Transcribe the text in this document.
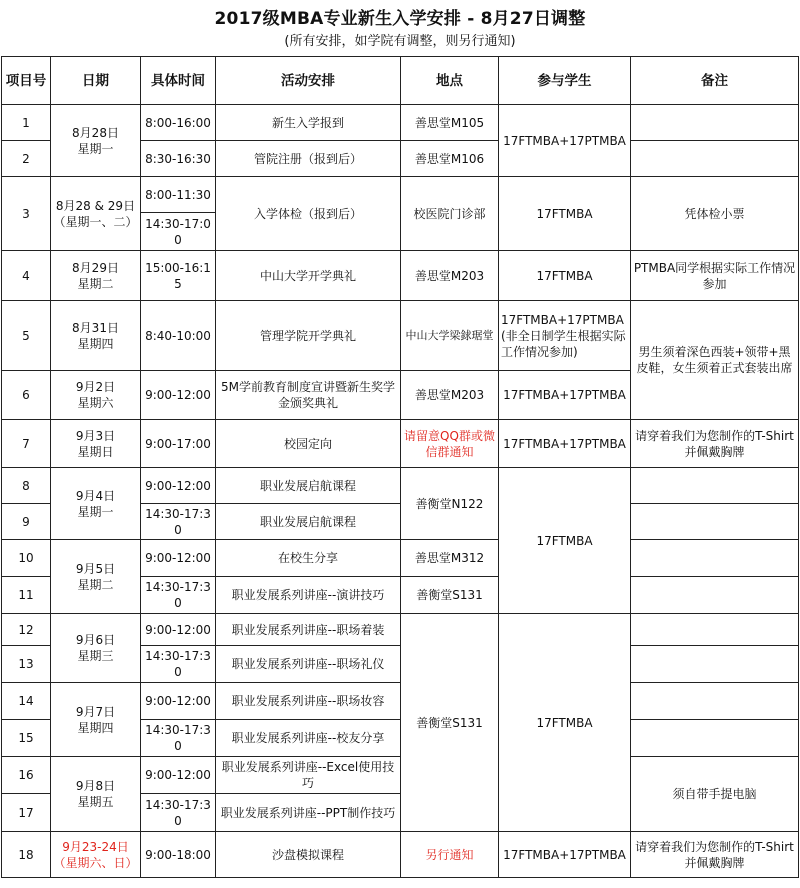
2017级MBA专业新生入学安排 - 8月27日调整
(所有安排，如学院有调整，则另行通知)
项目号	日期	具体时间	活动安排	地点	参与学生	备注
1	8月28日
星期一	8:00-16:00	新生入学报到	善思堂M105	17FTMBA+17PTMBA	
2		8:30-16:30	管院注册（报到后）	善思堂M106		
3	8月28 & 29日
（星期一、二）	8:00-11:30	入学体检（报到后）	校医院门诊部	17FTMBA	凭体检小票
		14:30-17:00				
4	8月29日
星期二	15:00-16:15	中山大学开学典礼	善思堂M203	17FTMBA	PTMBA同学根据实际工作情况参加
5	8月31日
星期四	8:40-10:00	管理学院开学典礼	中山大学梁銶琚堂	17FTMBA+17PTMBA(非全日制学生根据实际工作情况参加)	男生须着深色西装+领带+黑皮鞋，女生须着正式套装出席
6	9月2日
星期六	9:00-12:00	5M学前教育制度宣讲暨新生奖学金颁奖典礼	善思堂M203	17FTMBA+17PTMBA	
7	9月3日
星期日	9:00-17:00	校园定向	请留意QQ群或微信群通知	17FTMBA+17PTMBA	请穿着我们为您制作的T-Shirt并佩戴胸牌
8	9月4日
星期一	9:00-12:00	职业发展启航课程	善衡堂N122	17FTMBA	
9		14:30-17:30	职业发展启航课程			
10	9月5日
星期二	9:00-12:00	在校生分享	善思堂M312		
11		14:30-17:30	职业发展系列讲座--演讲技巧	善衡堂S131		
12	9月6日
星期三	9:00-12:00	职业发展系列讲座--职场着装	善衡堂S131	17FTMBA	
13		14:30-17:30	职业发展系列讲座--职场礼仪			
14	9月7日
星期四	9:00-12:00	职业发展系列讲座--职场妆容			
15		14:30-17:30	职业发展系列讲座--校友分享			
16	9月8日
星期五	9:00-12:00	职业发展系列讲座--Excel使用技巧			须自带手提电脑
17		14:30-17:30	职业发展系列讲座--PPT制作技巧			
18	9月23-24日
（星期六、日）	9:00-18:00	沙盘模拟课程	另行通知	17FTMBA+17PTMBA	请穿着我们为您制作的T-Shirt并佩戴胸牌
